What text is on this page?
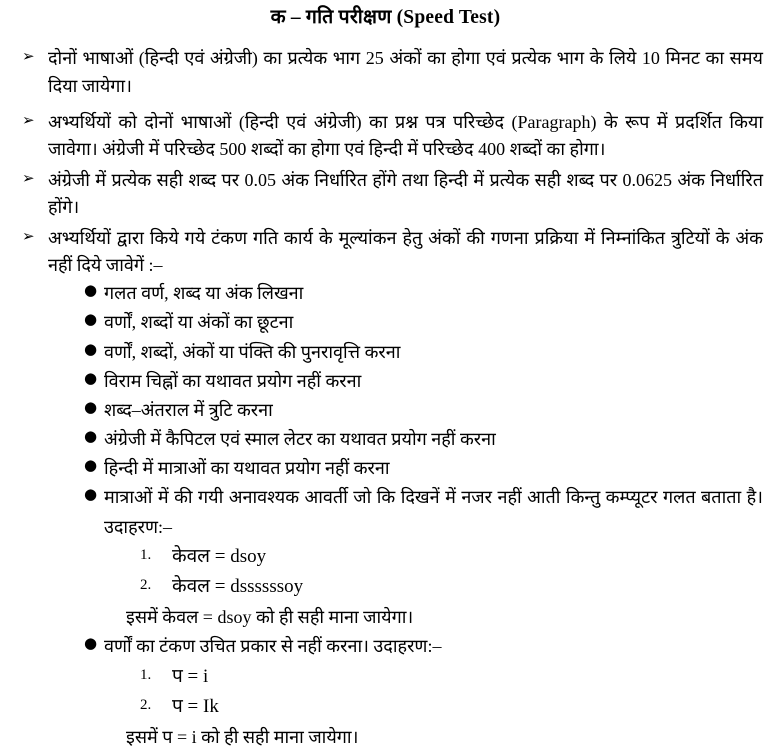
क – गति परीक्षण (Speed Test)
➢ दोनों भाषाओं (हिन्दी एवं अंग्रेजी) का प्रत्येक भाग 25 अंकों का होगा एवं प्रत्येक भाग के लिये 10 मिनट का समय दिया जायेगा।
➢ अभ्यर्थियों को दोनों भाषाओं (हिन्दी एवं अंग्रेजी) का प्रश्न पत्र परिच्छेद (Paragraph) के रूप में प्रदर्शित किया जावेगा। अंग्रेजी में परिच्छेद 500 शब्दों का होगा एवं हिन्दी में परिच्छेद 400 शब्दों का होगा।
➢ अंग्रेजी में प्रत्येक सही शब्द पर 0.05 अंक निर्धारित होंगे तथा हिन्दी में प्रत्येक सही शब्द पर 0.0625 अंक निर्धारित होंगे।
➢ अभ्यर्थियों द्वारा किये गये टंकण गति कार्य के मूल्यांकन हेतु अंकों की गणना प्रक्रिया में निम्नांकित त्रुटियों के अंक नहीं दिये जावेगें :–
● गलत वर्ण, शब्द या अंक लिखना
● वर्णों, शब्दों या अंकों का छूटना
● वर्णों, शब्दों, अंकों या पंक्ति की पुनरावृत्ति करना
● विराम चिह्नों का यथावत प्रयोग नहीं करना
● शब्द–अंतराल में त्रुटि करना
● अंग्रेजी में कैपिटल एवं स्माल लेटर का यथावत प्रयोग नहीं करना
● हिन्दी में मात्राओं का यथावत प्रयोग नहीं करना
● मात्राओं में की गयी अनावश्यक आवर्ती जो कि दिखनें में नजर नहीं आती किन्तु कम्प्यूटर गलत बताता है। उदाहरण:–
1. केवल = dsoy
2. केवल = dssssssoy
इसमें केवल = dsoy को ही सही माना जायेगा।
● वर्णों का टंकण उचित प्रकार से नहीं करना। उदाहरण:–
1. प = i
2. प = Ik
इसमें प = i को ही सही माना जायेगा।
